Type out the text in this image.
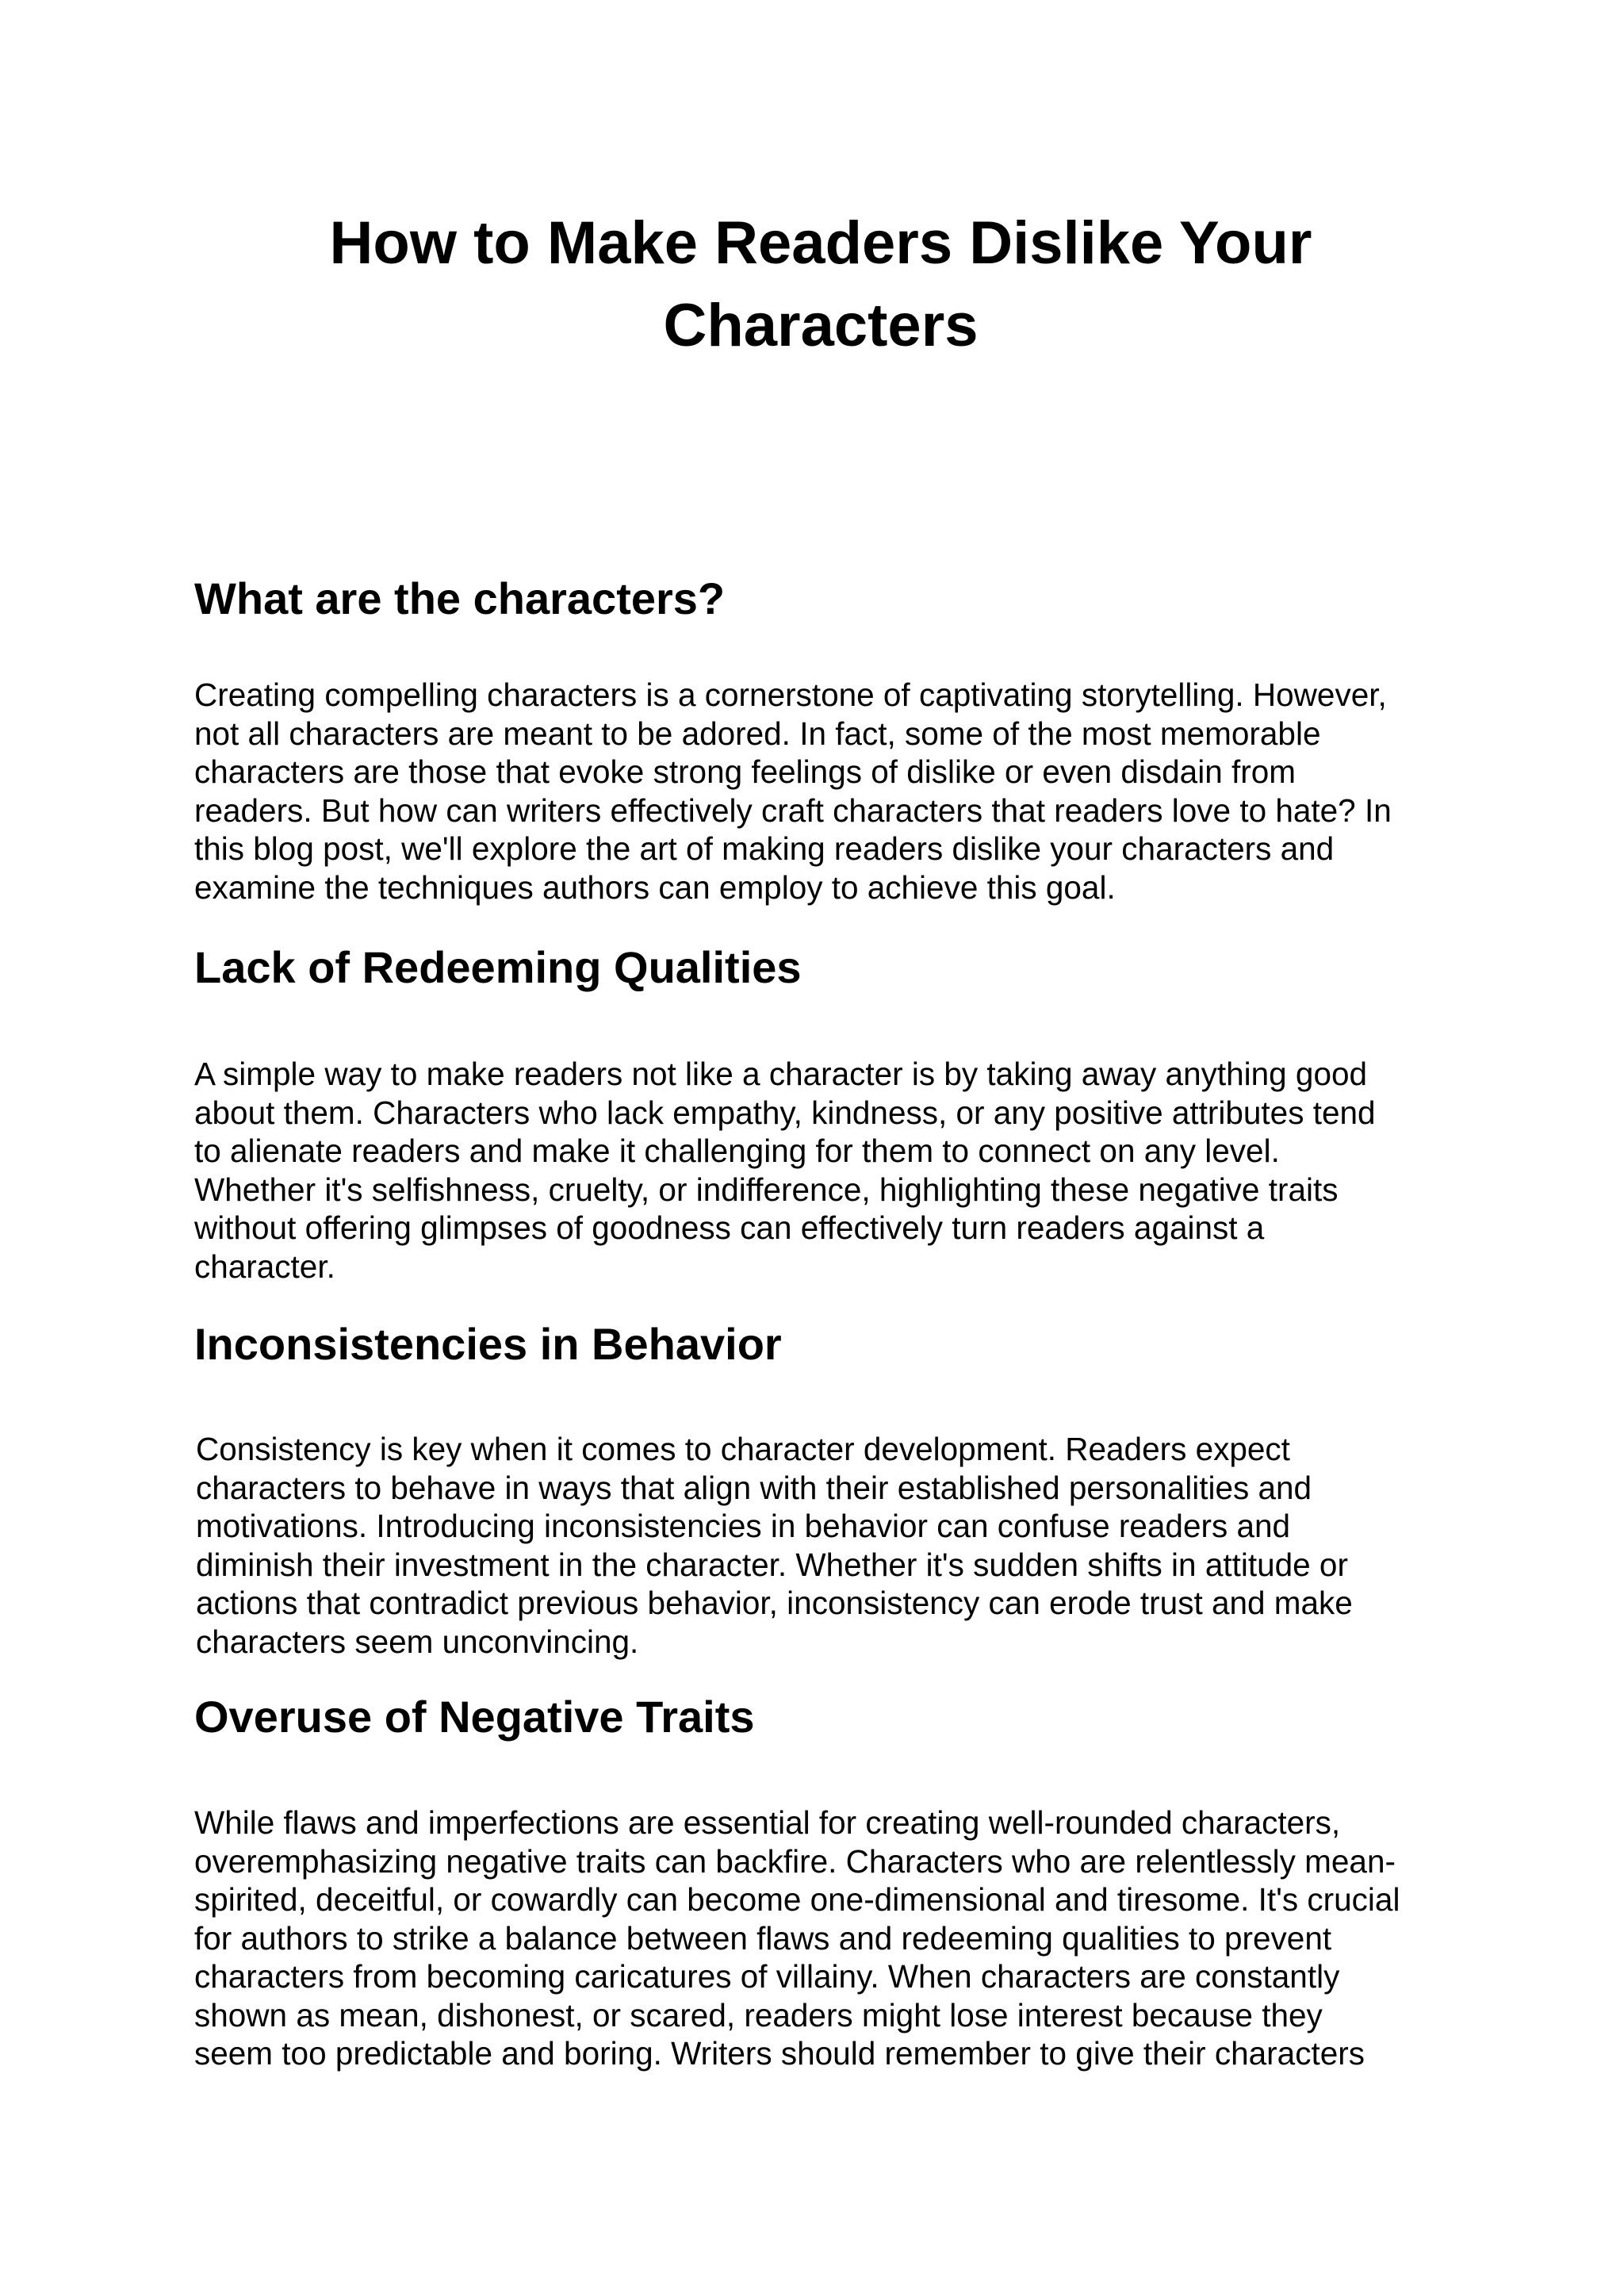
How to Make Readers Dislike Your
Characters
What are the characters?

Creating compelling characters is a cornerstone of captivating storytelling. However,
not all characters are meant to be adored. In fact, some of the most memorable
characters are those that evoke strong feelings of dislike or even disdain from
readers. But how can writers effectively craft characters that readers love to hate? In
this blog post, we'll explore the art of making readers dislike your characters and
examine the techniques authors can employ to achieve this goal.

Lack of Redeeming Qualities

A simple way to make readers not like a character is by taking away anything good
about them. Characters who lack empathy, kindness, or any positive attributes tend
to alienate readers and make it challenging for them to connect on any level.
Whether it's selfishness, cruelty, or indifference, highlighting these negative traits
without offering glimpses of goodness can effectively turn readers against a
character.

Inconsistencies in Behavior

Consistency is key when it comes to character development. Readers expect
characters to behave in ways that align with their established personalities and
motivations. Introducing inconsistencies in behavior can confuse readers and
diminish their investment in the character. Whether it's sudden shifts in attitude or
actions that contradict previous behavior, inconsistency can erode trust and make
characters seem unconvincing.

Overuse of Negative Traits

While flaws and imperfections are essential for creating well-rounded characters,
overemphasizing negative traits can backfire. Characters who are relentlessly mean-
spirited, deceitful, or cowardly can become one-dimensional and tiresome. It's crucial
for authors to strike a balance between flaws and redeeming qualities to prevent
characters from becoming caricatures of villainy. When characters are constantly
shown as mean, dishonest, or scared, readers might lose interest because they
seem too predictable and boring. Writers should remember to give their characters
